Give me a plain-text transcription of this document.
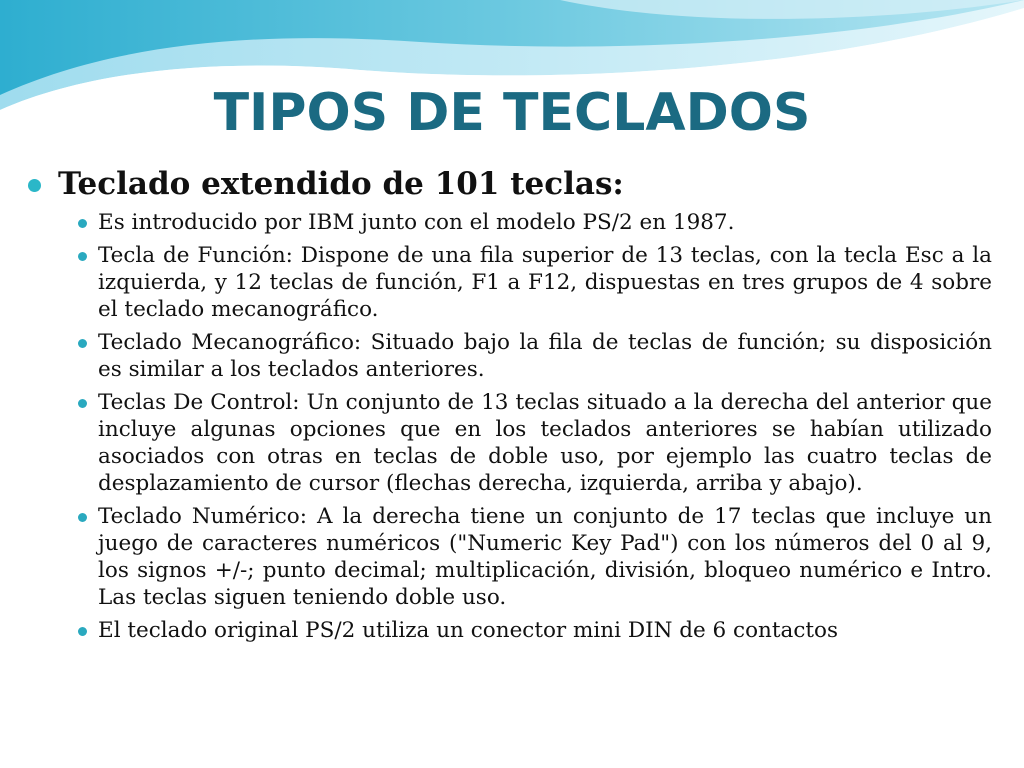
TIPOS DE TECLADOS
Teclado extendido de 101 teclas:
Es introducido por IBM junto con el modelo PS/2 en 1987.
Tecla de Función: Dispone de una fila superior de 13 teclas, con la tecla Esc a la izquierda, y 12 teclas de función, F1 a F12, dispuestas en tres grupos de 4 sobre el teclado mecanográfico.
Teclado Mecanográfico: Situado bajo la fila de teclas de función; su disposición es similar a los teclados anteriores.
Teclas De Control: Un conjunto de 13 teclas situado a la derecha del anterior que incluye algunas opciones que en los teclados anteriores se habían utilizado asociados con otras en teclas de doble uso, por ejemplo las cuatro teclas de desplazamiento de cursor (flechas derecha, izquierda, arriba y abajo).
Teclado Numérico: A la derecha tiene un conjunto de 17 teclas que incluye un juego de caracteres numéricos ("Numeric Key Pad") con los números del 0 al 9, los signos +/-; punto decimal; multiplicación, división, bloqueo numérico e Intro. Las teclas siguen teniendo doble uso.
El teclado original PS/2 utiliza un conector mini DIN de 6 contactos
